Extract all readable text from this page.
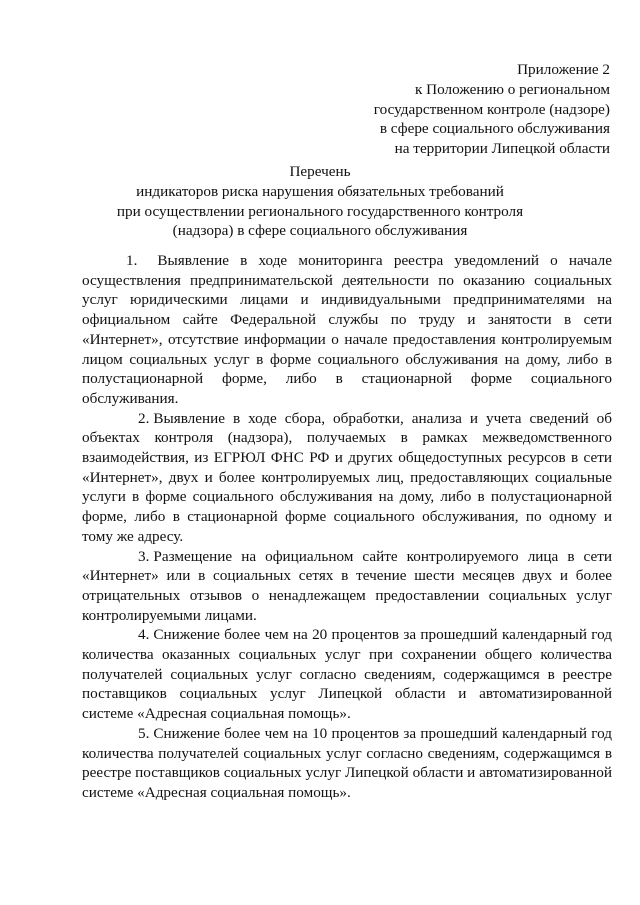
Приложение 2
к Положению о региональном
государственном контроле (надзоре)
в сфере социального обслуживания
на территории Липецкой области
Перечень
индикаторов риска нарушения обязательных требований
при осуществлении регионального государственного контроля
(надзора) в сфере социального обслуживания

1. Выявление в ходе мониторинга реестра уведомлений о начале осуществления предпринимательской деятельности по оказанию социальных услуг юридическими лицами и индивидуальными предпринимателями на официальном сайте Федеральной службы по труду и занятости в сети «Интернет», отсутствие информации о начале предоставления контролируемым лицом социальных услуг в форме социального обслуживания на дому, либо в полустационарной форме, либо в стационарной форме социального обслуживания.

2. Выявление в ходе сбора, обработки, анализа и учета сведений об объектах контроля (надзора), получаемых в рамках межведомственного взаимодействия, из ЕГРЮЛ ФНС РФ и других общедоступных ресурсов в сети «Интернет», двух и более контролируемых лиц, предоставляющих социальные услуги в форме социального обслуживания на дому, либо в полустационарной форме, либо в стационарной форме социального обслуживания, по одному и тому же адресу.

3. Размещение на официальном сайте контролируемого лица в сети «Интернет» или в социальных сетях в течение шести месяцев двух и более отрицательных отзывов о ненадлежащем предоставлении социальных услуг контролируемыми лицами.

4. Снижение более чем на 20 процентов за прошедший календарный год количества оказанных социальных услуг при сохранении общего количества получателей социальных услуг согласно сведениям, содержащимся в реестре поставщиков социальных услуг Липецкой области и автоматизированной системе «Адресная социальная помощь».

5. Снижение более чем на 10 процентов за прошедший календарный год количества получателей социальных услуг согласно сведениям, содержащимся в реестре поставщиков социальных услуг Липецкой области и автоматизированной системе «Адресная социальная помощь».
